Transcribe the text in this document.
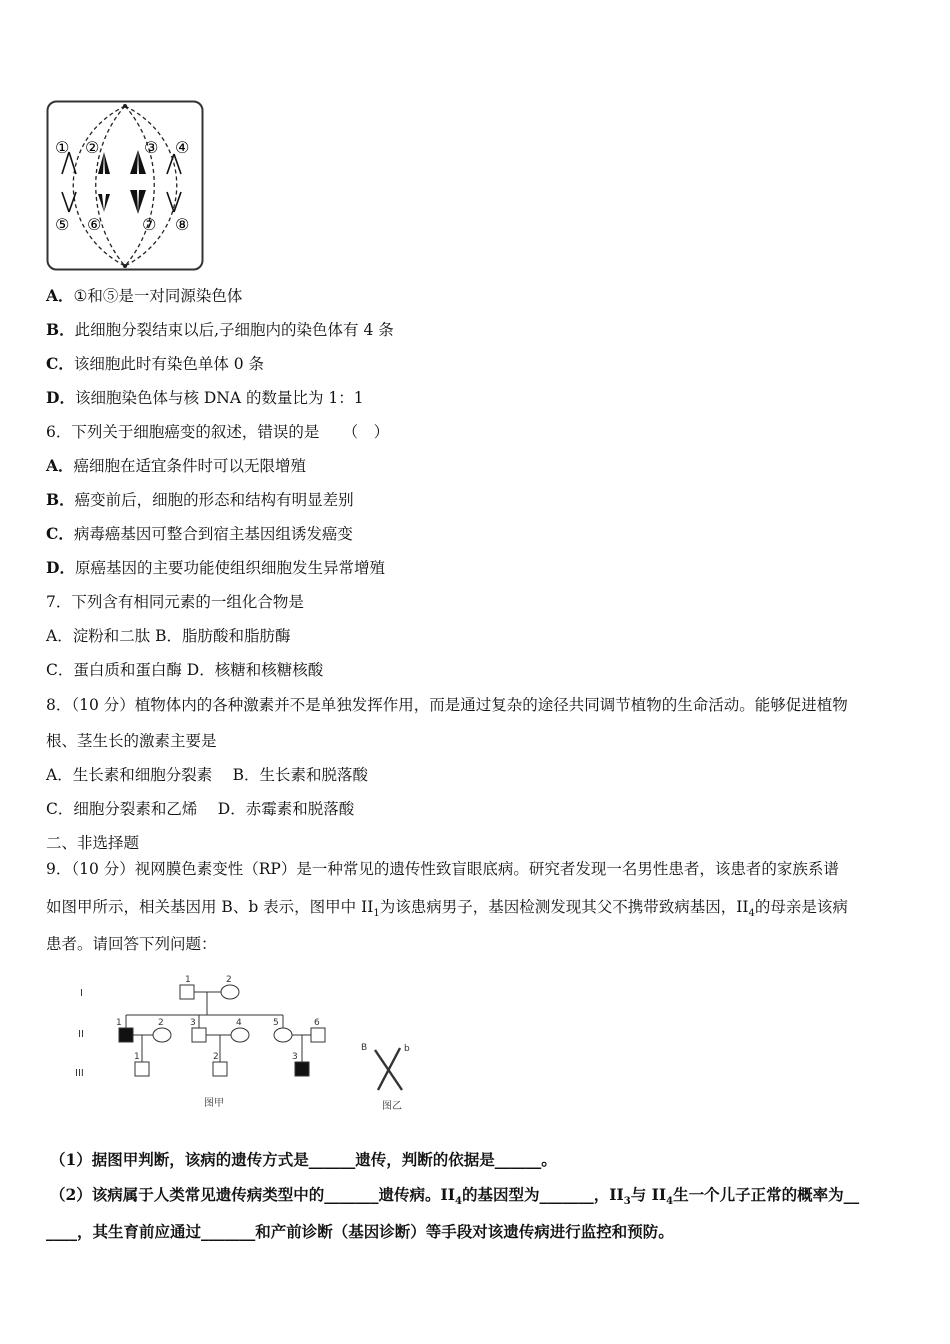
① ②	③ ④
⑤ ⑥	⑦ ⑧
A．①和⑤是一对同源染色体
B．此细胞分裂结束以后,子细胞内的染色体有 4 条
C．该细胞此时有染色单体 0 条
D．该细胞染色体与核 DNA 的数量比为 1：1
6．下列关于细胞癌变的叙述，错误的是　　（　）
A．癌细胞在适宜条件时可以无限增殖
B．癌变前后，细胞的形态和结构有明显差别
C．病毒癌基因可整合到宿主基因组诱发癌变
D．原癌基因的主要功能使组织细胞发生异常增殖
7．下列含有相同元素的一组化合物是
A．淀粉和二肽 B．脂肪酸和脂肪酶
C．蛋白质和蛋白酶 D．核糖和核糖核酸
8．（10 分）植物体内的各种激素并不是单独发挥作用，而是通过复杂的途径共同调节植物的生命活动。能够促进植物
根、茎生长的激素主要是
A．生长素和细胞分裂素　 B．生长素和脱落酸
C．细胞分裂素和乙烯　 D．赤霉素和脱落酸
二、非选择题
9．（10 分）视网膜色素变性（RP）是一种常见的遗传性致盲眼底病。研究者发现一名男性患者，该患者的家族系谱
如图甲所示，相关基因用 B、b 表示，图甲中 $II_1$为该患病男子，基因检测发现其父不携带致病基因，$II_4$的母亲是该病
患者。请回答下列问题：
I
II
III
1	2
1	2	3	4	5	6
1	2	3
图甲
B	b
图乙
（1）据图甲判断，该病的遗传方式是______遗传，判断的依据是______。
（2）该病属于人类常见遗传病类型中的_______遗传病。$II_4$的基因型为_______，$II_3$与 $II_4$生一个儿子正常的概率为__
____，其生育前应通过_______和产前诊断（基因诊断）等手段对该遗传病进行监控和预防。
